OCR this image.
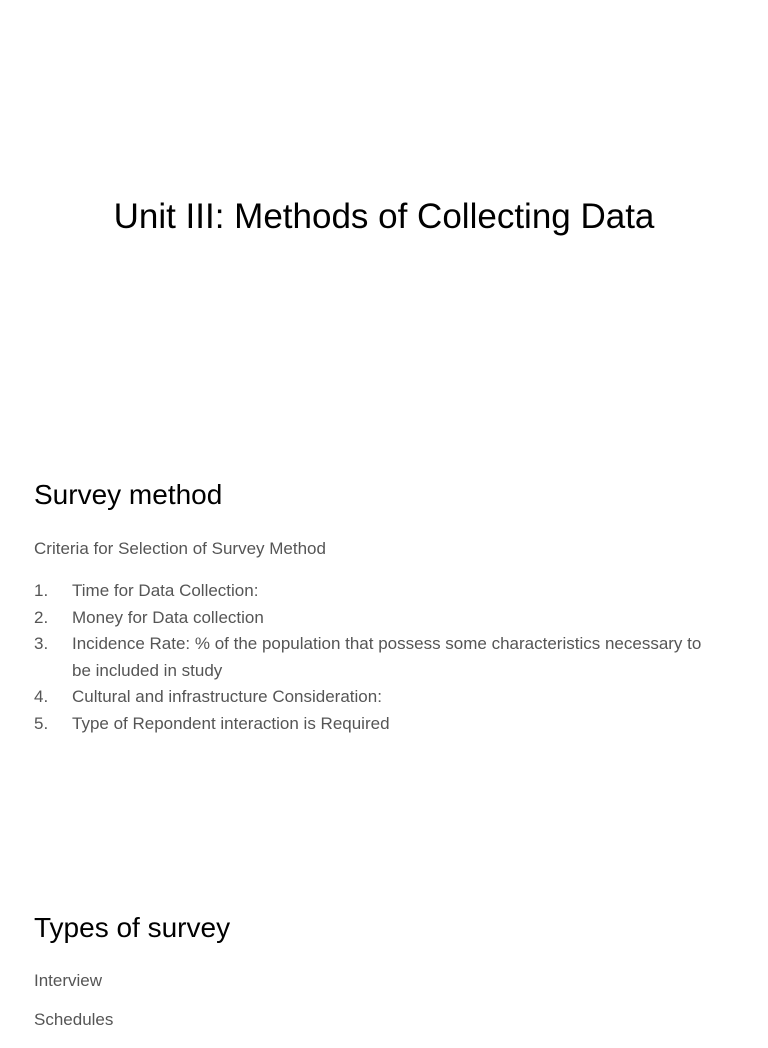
Unit III: Methods of Collecting Data
Survey method

Criteria for Selection of Survey Method

1.	Time for Data Collection:
2.	Money for Data collection
3.	Incidence Rate: % of the population that possess some characteristics necessary to be included in study
4.	Cultural and infrastructure Consideration:
5.	Type of Repondent interaction is Required
Types of survey
Interview
Schedules
